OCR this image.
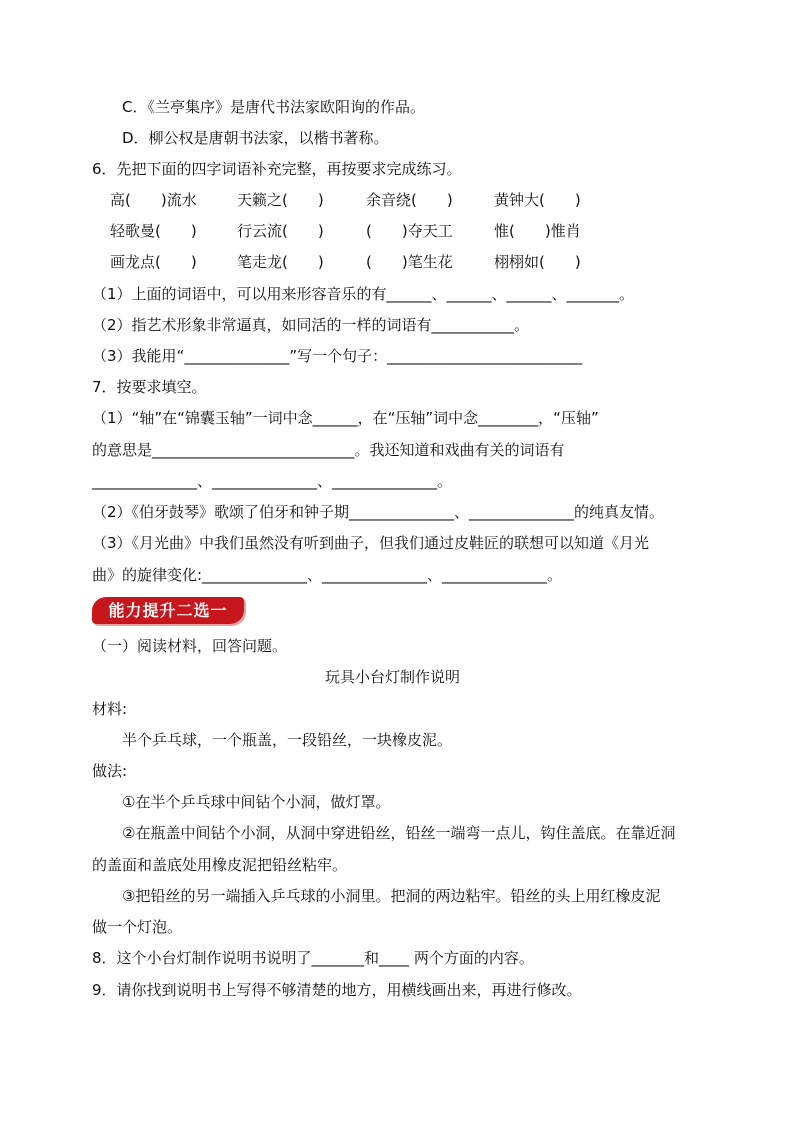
C．《兰亭集序》是唐代书法家欧阳询的作品。
D．柳公权是唐朝书法家，以楷书著称。
6．先把下面的四字词语补充完整，再按要求完成练习。
高(　　)流水	天籁之(　　)	余音绕(　　)	黄钟大(　　)
轻歌曼(　　)	行云流(　　)	(　　)夺天工	惟(　　)惟肖
画龙点(　　)	笔走龙(　　)	(　　)笔生花	栩栩如(　　)
（1）上面的词语中，可以用来形容音乐的有______、______、______、_______。
（2）指艺术形象非常逼真，如同活的一样的词语有___________。
（3）我能用“______________”写一个句子：__________________________
7．按要求填空。
（1）“轴”在“锦囊玉轴”一词中念______，在“压轴”词中念________，“压轴”
的意思是___________________________。我还知道和戏曲有关的词语有
______________、______________、______________。
（2）《伯牙鼓琴》歌颂了伯牙和钟子期______________、______________的纯真友情。
（3）《月光曲》中我们虽然没有听到曲子，但我们通过皮鞋匠的联想可以知道《月光
曲》的旋律变化:______________、______________、______________。
能力提升二选一
（一）阅读材料，回答问题。
玩具小台灯制作说明
材料:
半个乒乓球，一个瓶盖，一段铅丝，一块橡皮泥。
做法:
①在半个乒乓球中间钻个小洞，做灯罩。
②在瓶盖中间钻个小洞，从洞中穿进铅丝，铅丝一端弯一点儿，钩住盖底。在靠近洞
的盖面和盖底处用橡皮泥把铅丝粘牢。
③把铅丝的另一端插入乒乓球的小洞里。把洞的两边粘牢。铅丝的头上用红橡皮泥
做一个灯泡。
8．这个小台灯制作说明书说明了_______和____ 两个方面的内容。
9．请你找到说明书上写得不够清楚的地方，用横线画出来，再进行修改。
